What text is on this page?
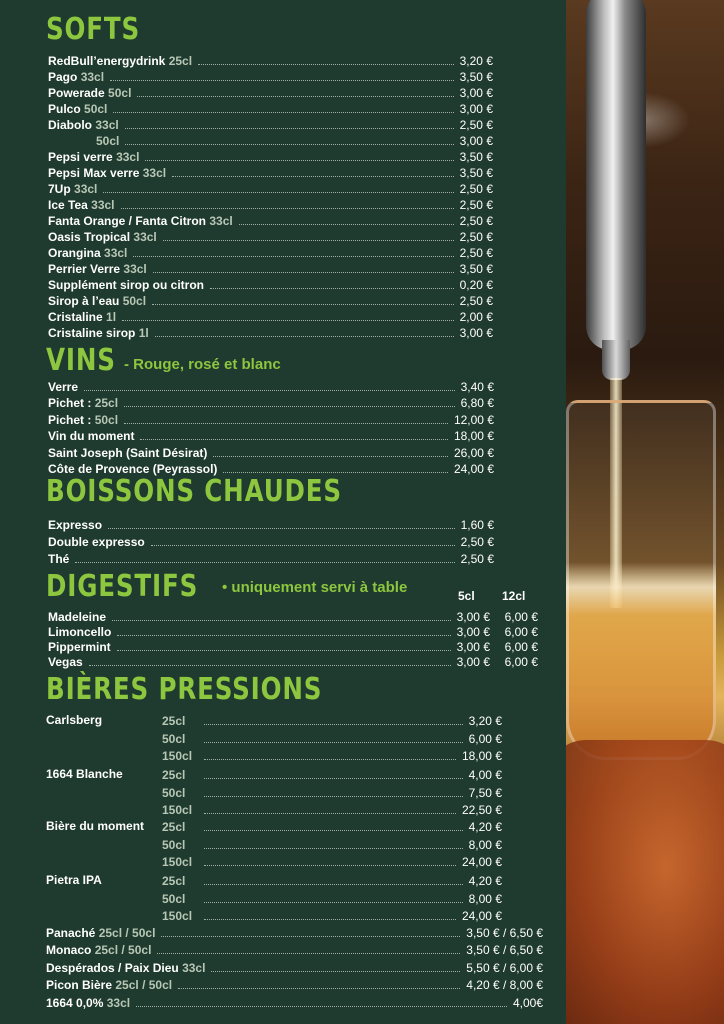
SOFTS
RedBull’energydrink 25cl	3,20 €
Pago 33cl	3,50 €
Powerade 50cl	3,00 €
Pulco 50cl	3,00 €
Diabolo 33cl	2,50 €
50cl	3,00 €
Pepsi verre 33cl	3,50 €
Pepsi Max verre 33cl	3,50 €
7Up 33cl	2,50 €
Ice Tea 33cl	2,50 €
Fanta Orange / Fanta Citron 33cl	2,50 €
Oasis Tropical 33cl	2,50 €
Orangina 33cl	2,50 €
Perrier Verre 33cl	3,50 €
Supplément sirop ou citron	0,20 €
Sirop à l’eau 50cl	2,50 €
Cristaline 1l	2,00 €
Cristaline sirop 1l	3,00 €
VINS - Rouge, rosé et blanc
Verre	3,40 €
Pichet : 25cl	6,80 €
Pichet : 50cl	12,00 €
Vin du moment	18,00 €
Saint Joseph (Saint Désirat)	26,00 €
Côte de Provence (Peyrassol)	24,00 €
BOISSONS CHAUDES
Expresso	1,60 €
Double expresso	2,50 €
Thé	2,50 €
DIGESTIFS • uniquement servi à table	5cl 12cl
Madeleine	3,00 €	6,00 €
Limoncello	3,00 €	6,00 €
Pippermint	3,00 €	6,00 €
Vegas	3,00 €	6,00 €
BIÈRES PRESSIONS
Carlsberg	25cl	3,20 €
50cl	6,00 €
150cl	18,00 €
1664 Blanche	25cl	4,00 €
50cl	7,50 €
150cl	22,50 €
Bière du moment 25cl	4,20 €
50cl	8,00 €
150cl	24,00 €
Pietra IPA	25cl	4,20 €
50cl	8,00 €
150cl	24,00 €
Panaché 25cl / 50cl	3,50 € / 6,50 €
Monaco 25cl / 50cl	3,50 € / 6,50 €
Despérados / Paix Dieu 33cl	5,50 € / 6,00 €
Picon Bière 25cl / 50cl	4,20 € / 8,00 €
1664 0,0% 33cl	4,00€
